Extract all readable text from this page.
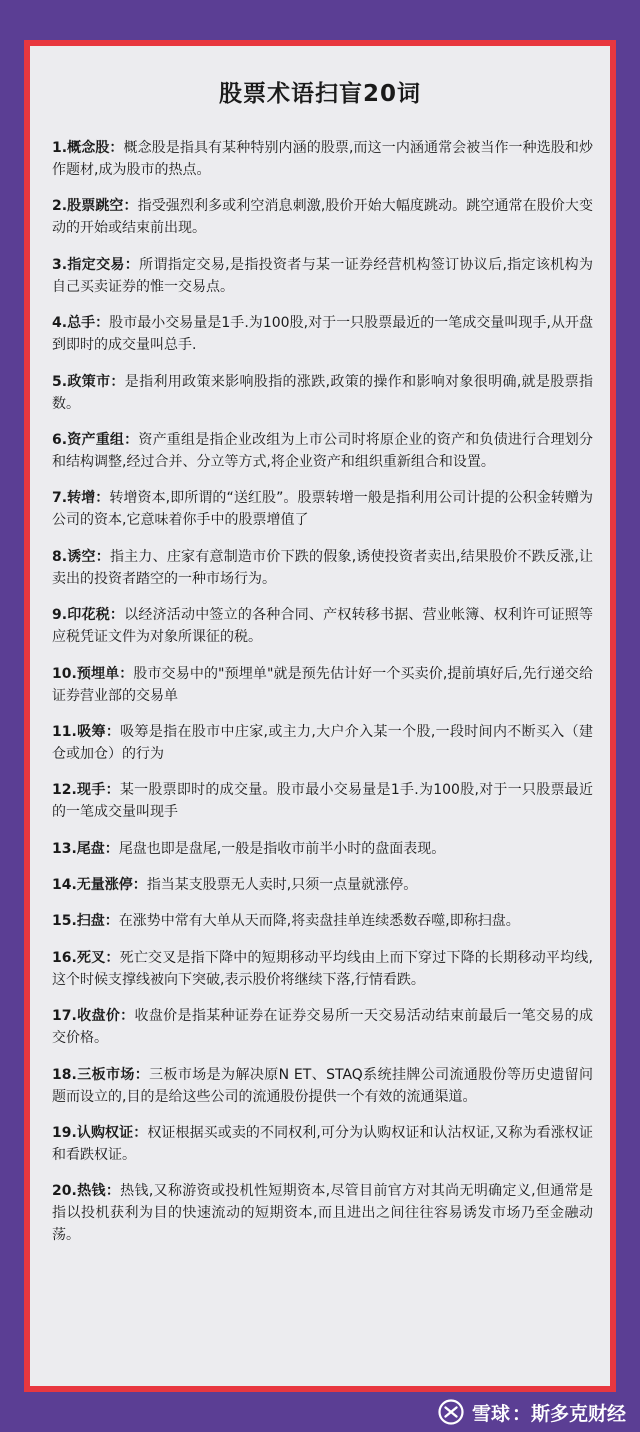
股票术语扫盲20词
1.概念股：概念股是指具有某种特别内涵的股票,而这一内涵通常会被当作一种选股和炒作题材,成为股市的热点。
2.股票跳空：指受强烈利多或利空消息刺激,股价开始大幅度跳动。跳空通常在股价大变动的开始或结束前出现。
3.指定交易：所谓指定交易,是指投资者与某一证券经营机构签订协议后,指定该机构为自己买卖证券的惟一交易点。
4.总手：股市最小交易量是1手.为100股,对于一只股票最近的一笔成交量叫现手,从开盘到即时的成交量叫总手.
5.政策市：是指利用政策来影响股指的涨跌,政策的操作和影响对象很明确,就是股票指数。
6.资产重组：资产重组是指企业改组为上市公司时将原企业的资产和负债进行合理划分和结构调整,经过合并、分立等方式,将企业资产和组织重新组合和设置。
7.转增：转增资本,即所谓的“送红股”。股票转增一般是指利用公司计提的公积金转赠为公司的资本,它意味着你手中的股票增值了
8.诱空：指主力、庄家有意制造市价下跌的假象,诱使投资者卖出,结果股价不跌反涨,让卖出的投资者踏空的一种市场行为。
9.印花税：以经济活动中签立的各种合同、产权转移书据、营业帐簿、权利许可证照等应税凭证文件为对象所课征的税。
10.预埋单：股市交易中的"预埋单"就是预先估计好一个买卖价,提前填好后,先行递交给证券营业部的交易单
11.吸筹：吸筹是指在股市中庄家,或主力,大户介入某一个股,一段时间内不断买入（建仓或加仓）的行为
12.现手：某一股票即时的成交量。股市最小交易量是1手.为100股,对于一只股票最近的一笔成交量叫现手
13.尾盘：尾盘也即是盘尾,一般是指收市前半小时的盘面表现。
14.无量涨停：指当某支股票无人卖时,只须一点量就涨停。
15.扫盘：在涨势中常有大单从天而降,将卖盘挂单连续悉数吞噬,即称扫盘。
16.死叉：死亡交叉是指下降中的短期移动平均线由上而下穿过下降的长期移动平均线,这个时候支撑线被向下突破,表示股价将继续下落,行情看跌。
17.收盘价：收盘价是指某种证券在证券交易所一天交易活动结束前最后一笔交易的成交价格。
18.三板市场：三板市场是为解决原N ET、STAQ系统挂牌公司流通股份等历史遗留问题而设立的,目的是给这些公司的流通股份提供一个有效的流通渠道。
19.认购权证：权证根据买或卖的不同权利,可分为认购权证和认沽权证,又称为看涨权证和看跌权证。
20.热钱：热钱,又称游资或投机性短期资本,尽管目前官方对其尚无明确定义,但通常是指以投机获利为目的快速流动的短期资本,而且进出之间往往容易诱发市场乃至金融动荡。
雪球 ： 斯多克财经
